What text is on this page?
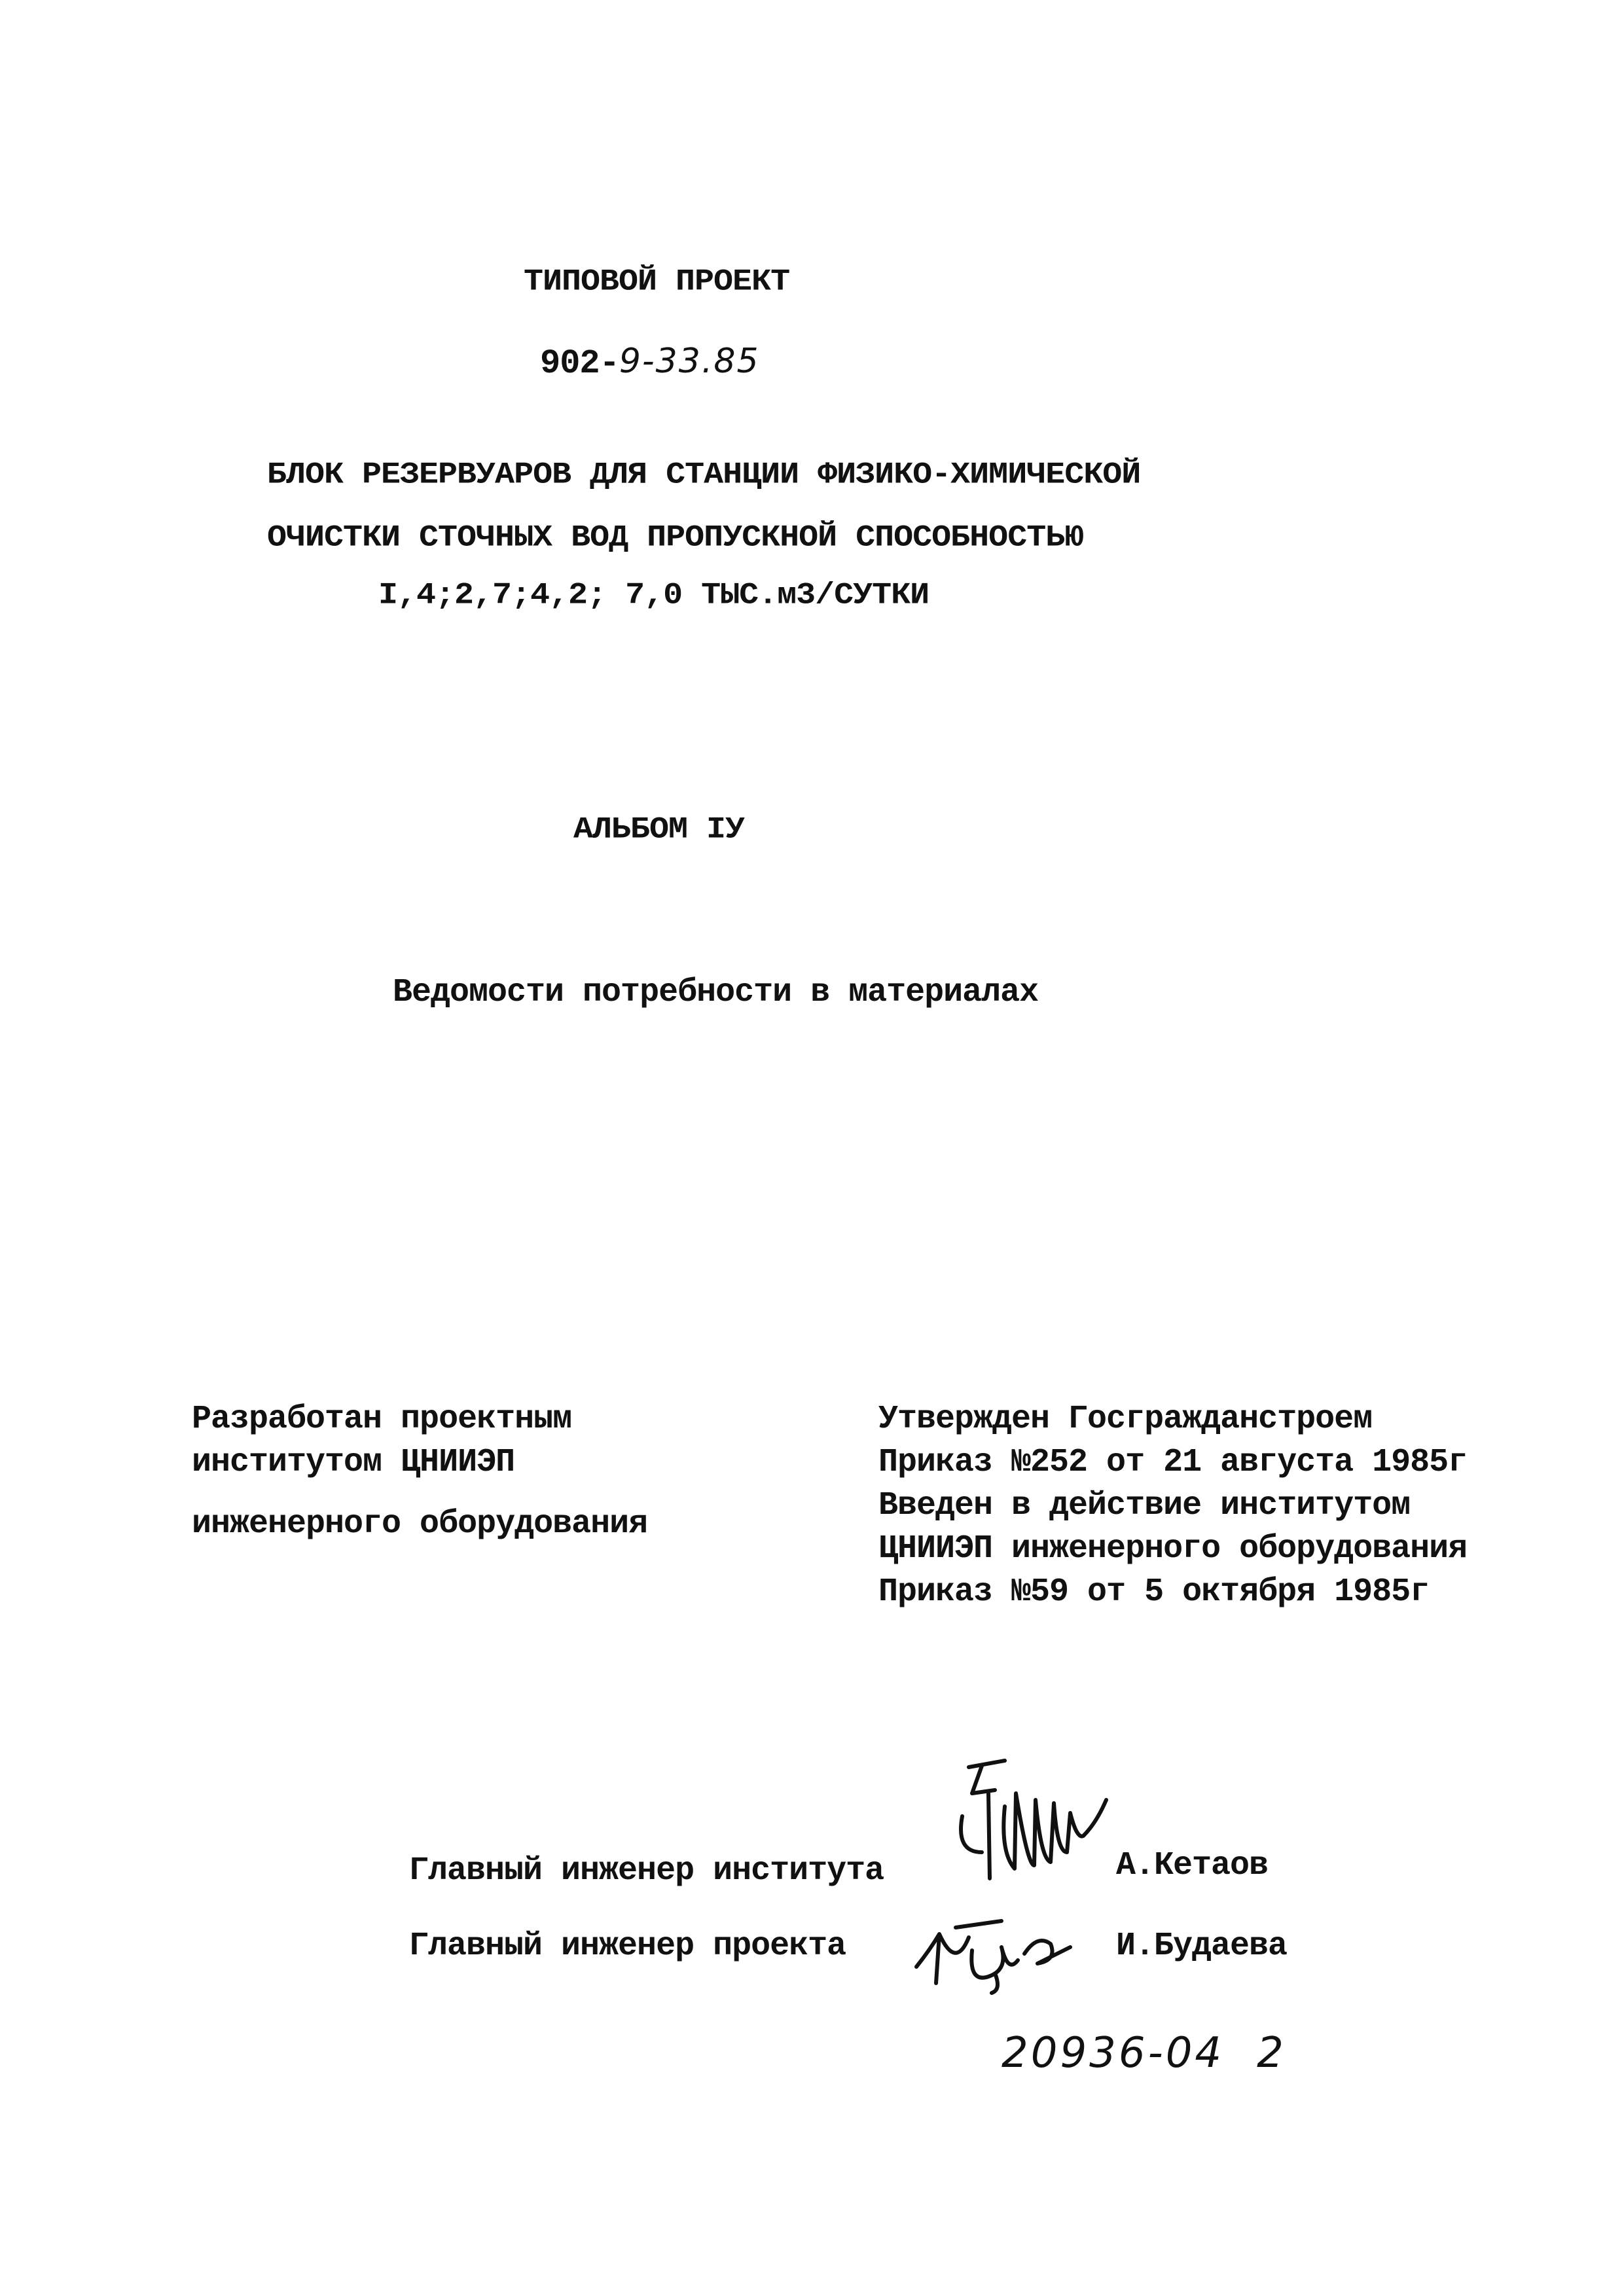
ТИПОВОЙ ПРОЕКТ
902-9-33.85
БЛОК РЕЗЕРВУАРОВ ДЛЯ СТАНЦИИ ФИЗИКО-ХИМИЧЕСКОЙ
ОЧИСТКИ СТОЧНЫХ ВОД ПРОПУСКНОЙ СПОСОБНОСТЬЮ
I,4;2,7;4,2; 7,0 ТЫС.м3/СУТКИ
АЛЬБОМ IУ
Ведомости потребности в материалах
Разработан проектным
институтом ЦНИИЭП
инженерного оборудования
Утвержден Госгражданстроем
Приказ №252 от 21 августа 1985г
Введен в действие институтом
ЦНИИЭП инженерного оборудования
Приказ №59 от 5 октября 1985г
Главный инженер института	А.Кетаов
Главный инженер проекта	И.Будаева
20936-04 2
